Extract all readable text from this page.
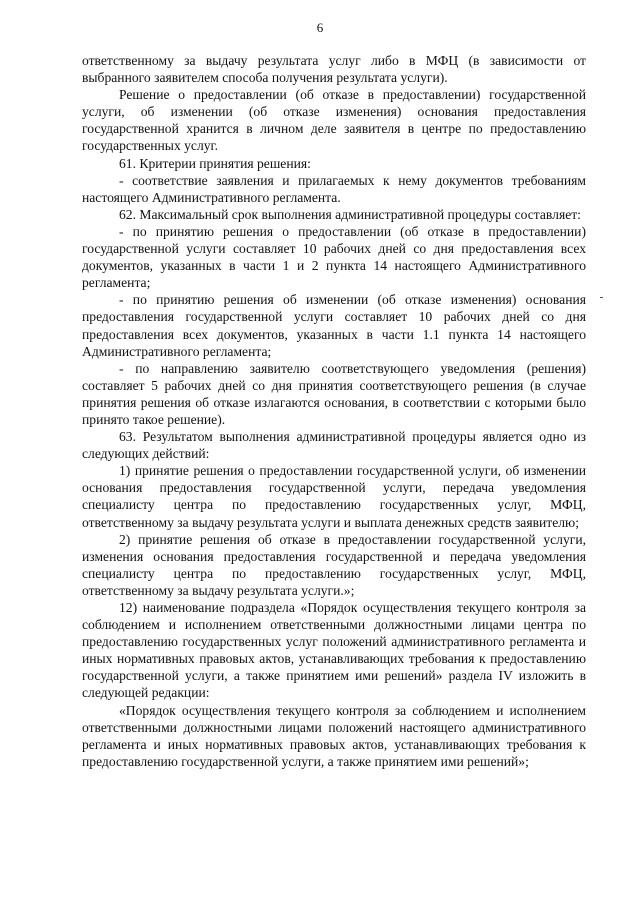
6

ответственному за выдачу результата услуг либо в МФЦ (в зависимости от выбранного заявителем способа получения результата услуги).

Решение о предоставлении (об отказе в предоставлении) государственной услуги, об изменении (об отказе изменения) основания предоставления государственной хранится в личном деле заявителя в центре по предоставлению государственных услуг.

61. Критерии принятия решения:

- соответствие заявления и прилагаемых к нему документов требованиям настоящего Административного регламента.

62. Максимальный срок выполнения административной процедуры составляет:

- по принятию решения о предоставлении (об отказе в предоставлении) государственной услуги составляет 10 рабочих дней со дня предоставления всех документов, указанных в части 1 и 2 пункта 14 настоящего Административного регламента;

- по принятию решения об изменении (об отказе изменения) основания предоставления государственной услуги составляет 10 рабочих дней со дня предоставления всех документов, указанных в части 1.1 пункта 14 настоящего Административного регламента;

- по направлению заявителю соответствующего уведомления (решения) составляет 5 рабочих дней со дня принятия соответствующего решения (в случае принятия решения об отказе излагаются основания, в соответствии с которыми было принято такое решение).

63. Результатом выполнения административной процедуры является одно из следующих действий:

1) принятие решения о предоставлении государственной услуги, об изменении основания предоставления государственной услуги, передача уведомления специалисту центра по предоставлению государственных услуг, МФЦ, ответственному за выдачу результата услуги и выплата денежных средств заявителю;

2) принятие решения об отказе в предоставлении государственной услуги, изменения основания предоставления государственной и передача уведомления специалисту центра по предоставлению государственных услуг, МФЦ, ответственному за выдачу результата услуги.»;

12) наименование подраздела «Порядок осуществления текущего контроля за соблюдением и исполнением ответственными должностными лицами центра по предоставлению государственных услуг положений административного регламента и иных нормативных правовых актов, устанавливающих требования к предоставлению государственной услуги, а также принятием ими решений» раздела IV изложить в следующей редакции:

«Порядок осуществления текущего контроля за соблюдением и исполнением ответственными должностными лицами положений настоящего административного регламента и иных нормативных правовых актов, устанавливающих требования к предоставлению государственной услуги, а также принятием ими решений»;
